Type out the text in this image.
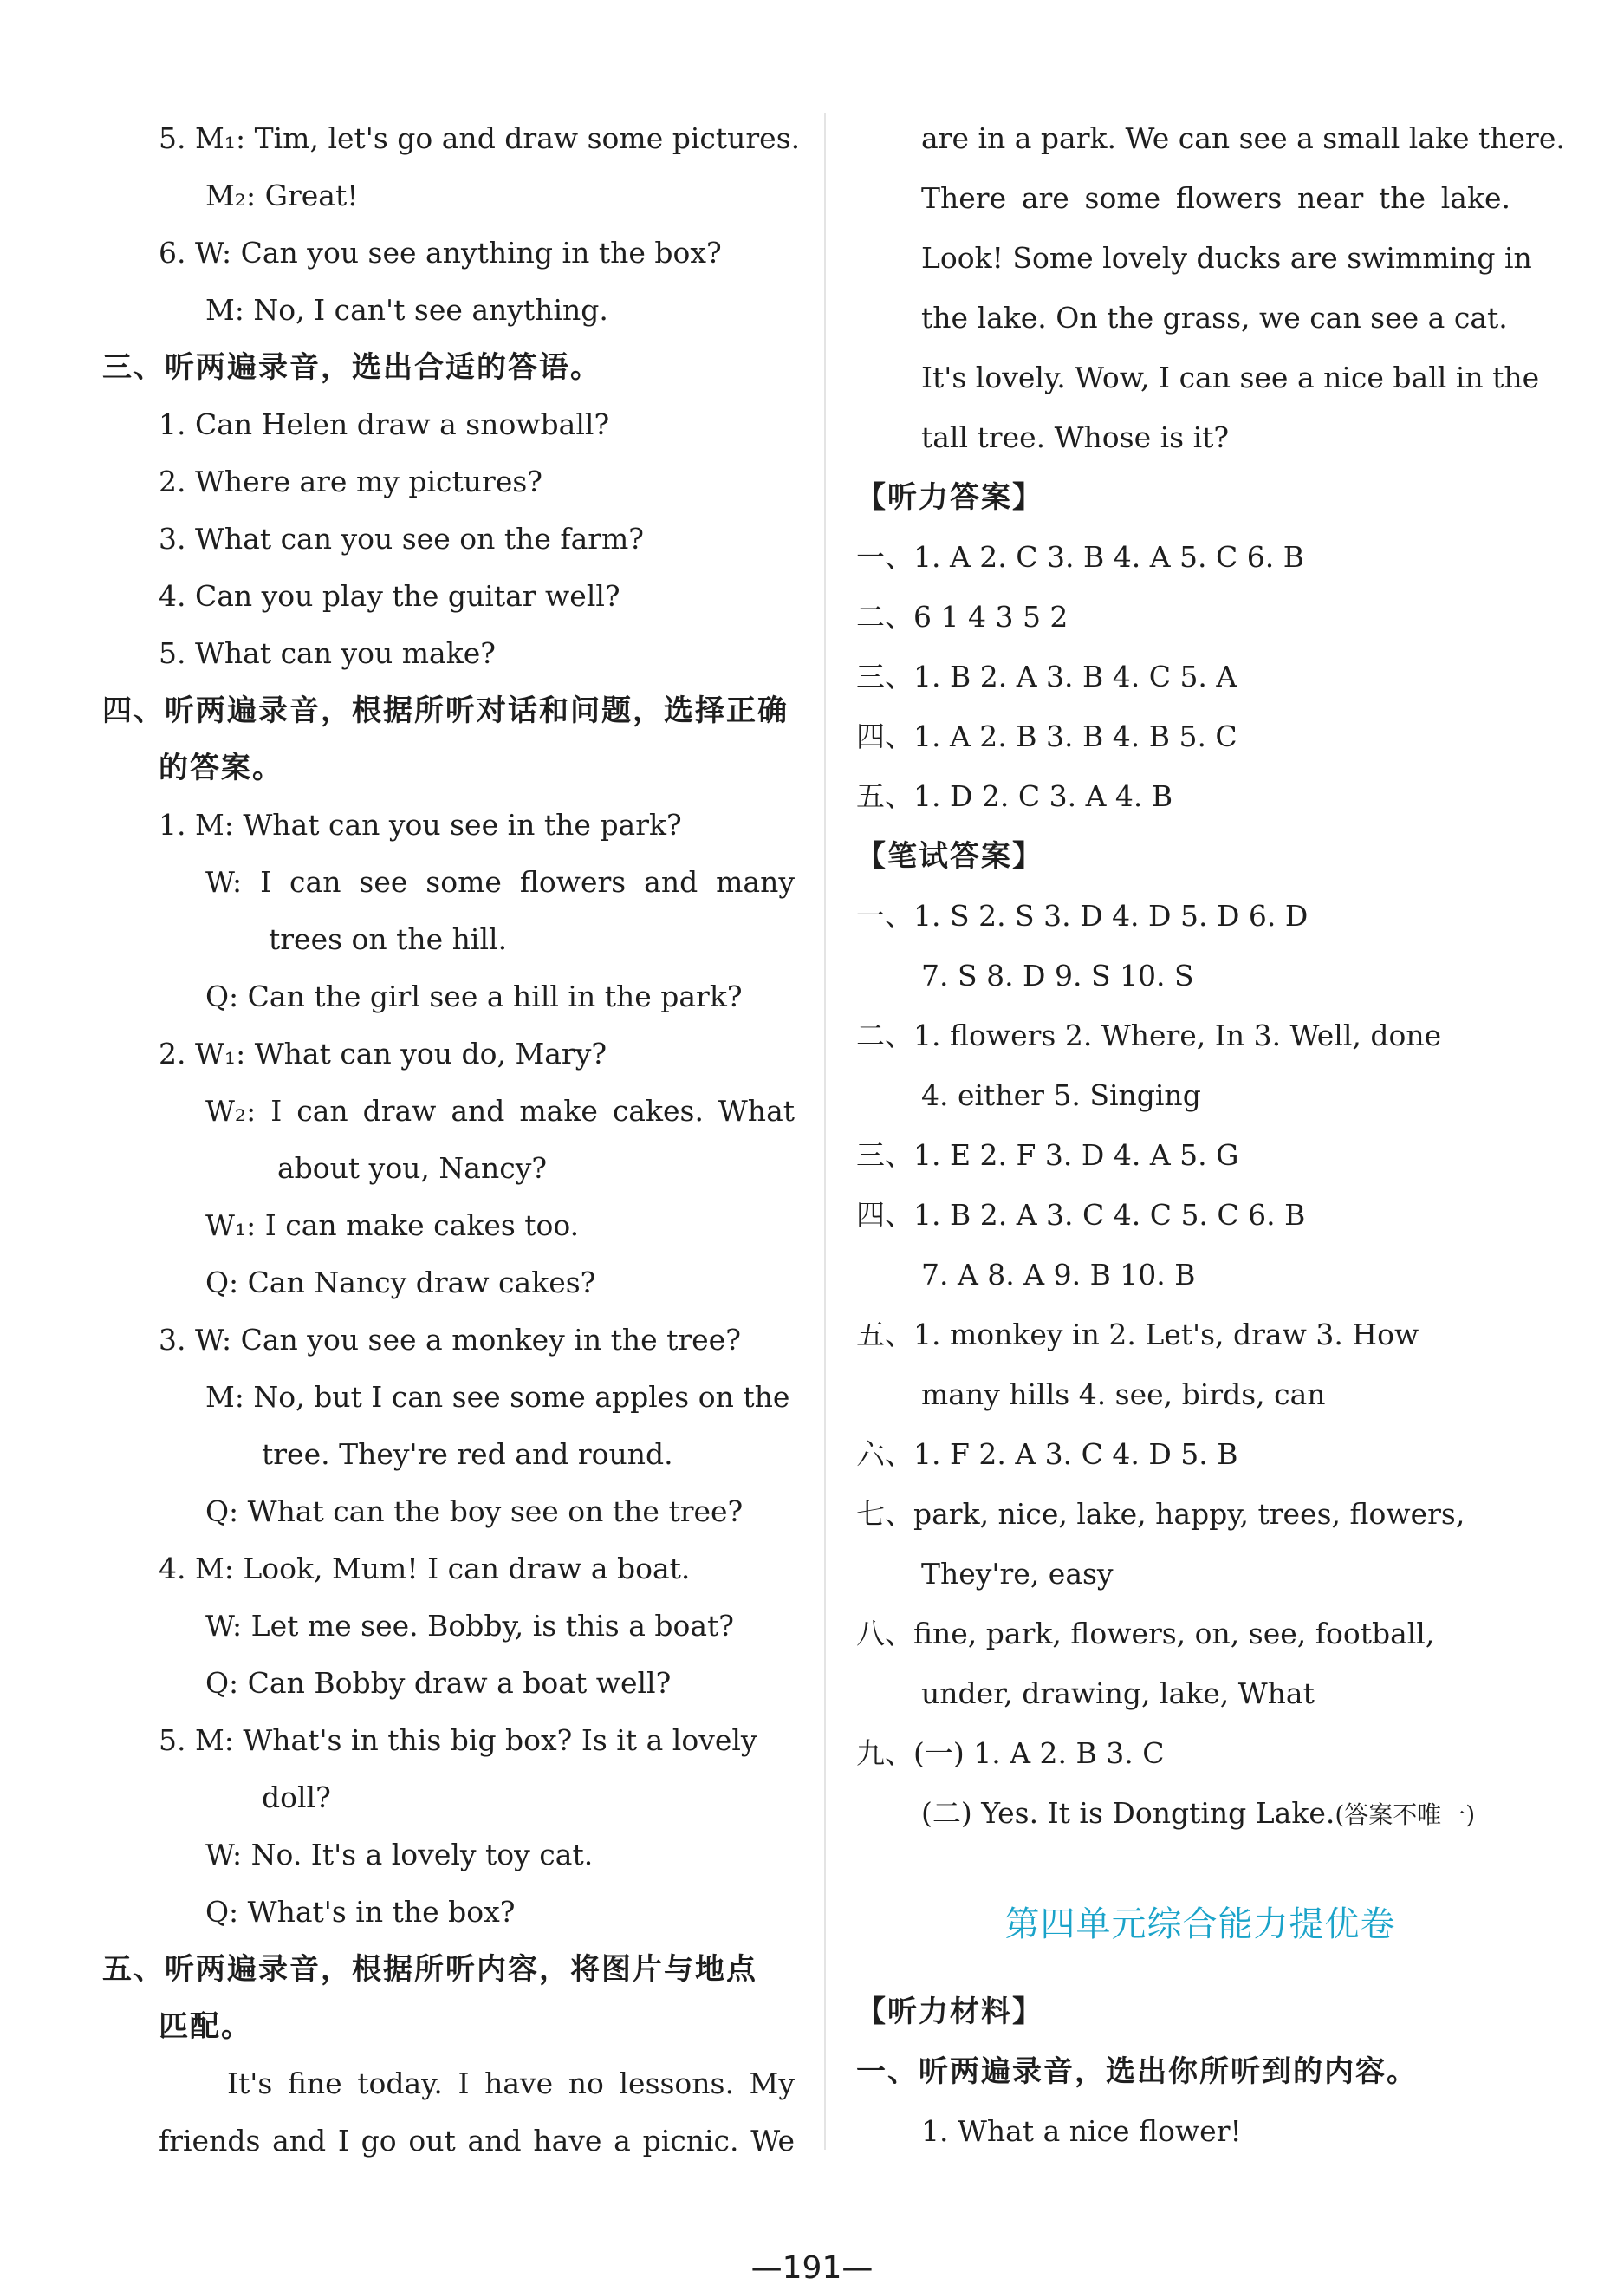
5. M₁: Tim, let's go and draw some pictures.
M₂: Great!
6. W: Can you see anything in the box?
M: No, I can't see anything.
三、听两遍录音，选出合适的答语。
1. Can Helen draw a snowball?
2. Where are my pictures?
3. What can you see on the farm?
4. Can you play the guitar well?
5. What can you make?
四、听两遍录音，根据所听对话和问题，选择正确
的答案。
1. M: What can you see in the park?
W: I can see some flowers and many
trees on the hill.
Q: Can the girl see a hill in the park?
2. W₁: What can you do, Mary?
W₂: I can draw and make cakes. What
about you, Nancy?
W₁: I can make cakes too.
Q: Can Nancy draw cakes?
3. W: Can you see a monkey in the tree?
M: No, but I can see some apples on the
tree. They're red and round.
Q: What can the boy see on the tree?
4. M: Look, Mum! I can draw a boat.
W: Let me see. Bobby, is this a boat?
Q: Can Bobby draw a boat well?
5. M: What's in this big box? Is it a lovely
doll?
W: No. It's a lovely toy cat.
Q: What's in the box?
五、听两遍录音，根据所听内容，将图片与地点
匹配。
It's fine today. I have no lessons. My
friends and I go out and have a picnic. We
are in a park. We can see a small lake there.
There are some flowers near the lake.
Look! Some lovely ducks are swimming in
the lake. On the grass, we can see a cat.
It's lovely. Wow, I can see a nice ball in the
tall tree. Whose is it?
【听力答案】
一、1. A 2. C 3. B 4. A 5. C 6. B
二、6 1 4 3 5 2
三、1. B 2. A 3. B 4. C 5. A
四、1. A 2. B 3. B 4. B 5. C
五、1. D 2. C 3. A 4. B
【笔试答案】
一、1. S 2. S 3. D 4. D 5. D 6. D
7. S 8. D 9. S 10. S
二、1. flowers 2. Where, In 3. Well, done
4. either 5. Singing
三、1. E 2. F 3. D 4. A 5. G
四、1. B 2. A 3. C 4. C 5. C 6. B
7. A 8. A 9. B 10. B
五、1. monkey in 2. Let's, draw 3. How
many hills 4. see, birds, can
六、1. F 2. A 3. C 4. D 5. B
七、park, nice, lake, happy, trees, flowers,
They're, easy
八、fine, park, flowers, on, see, football,
under, drawing, lake, What
九、(一) 1. A 2. B 3. C
(二) Yes. It is Dongting Lake.(答案不唯一)
【听力材料】
一、听两遍录音，选出你所听到的内容。
1. What a nice flower!
第四单元综合能力提优卷
—191—
